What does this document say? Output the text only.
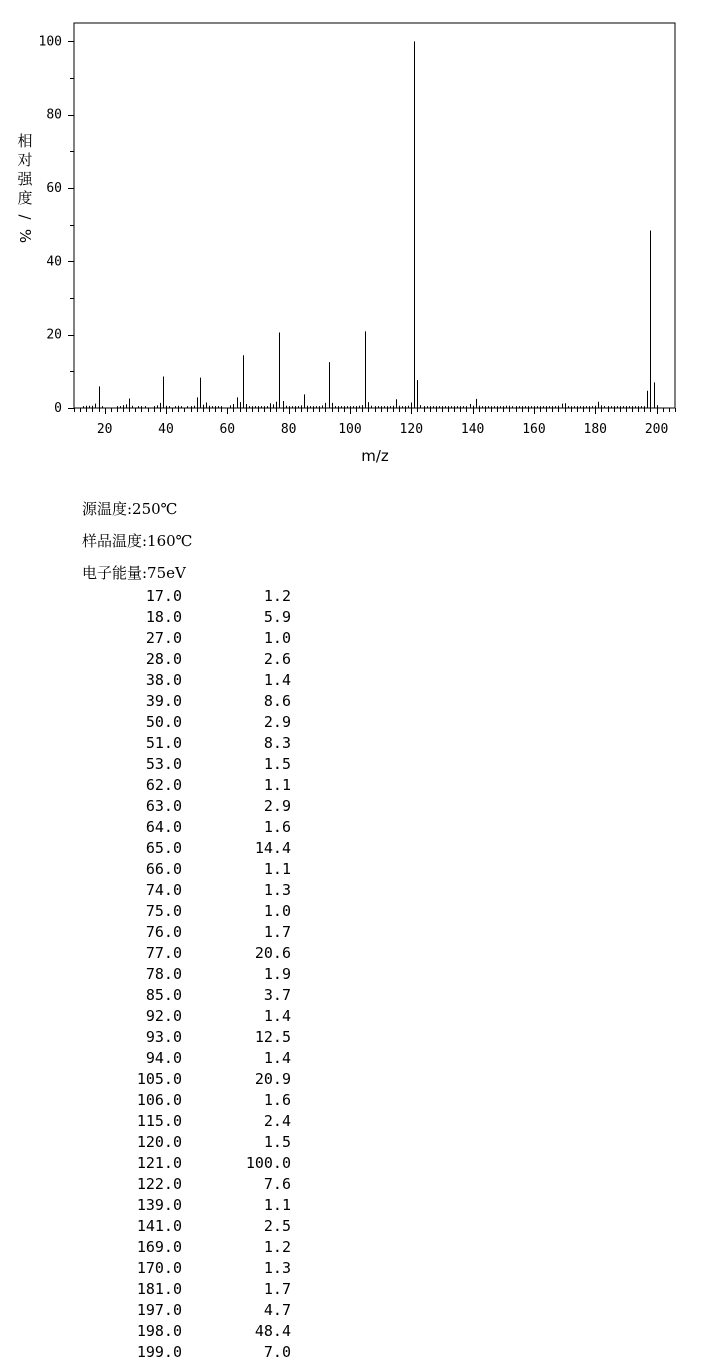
20	40	60	80	100	120	140	160	180	200
0
20
40
60
80
100
m/z
相
对
强
度
/
%
源温度:250℃
样品温度:160℃
电子能量:75eV
17.0	1.2
18.0	5.9
27.0	1.0
28.0	2.6
38.0	1.4
39.0	8.6
50.0	2.9
51.0	8.3
53.0	1.5
62.0	1.1
63.0	2.9
64.0	1.6
65.0	14.4
66.0	1.1
74.0	1.3
75.0	1.0
76.0	1.7
77.0	20.6
78.0	1.9
85.0	3.7
92.0	1.4
93.0	12.5
94.0	1.4
105.0	20.9
106.0	1.6
115.0	2.4
120.0	1.5
121.0	100.0
122.0	7.6
139.0	1.1
141.0	2.5
169.0	1.2
170.0	1.3
181.0	1.7
197.0	4.7
198.0	48.4
199.0	7.0
